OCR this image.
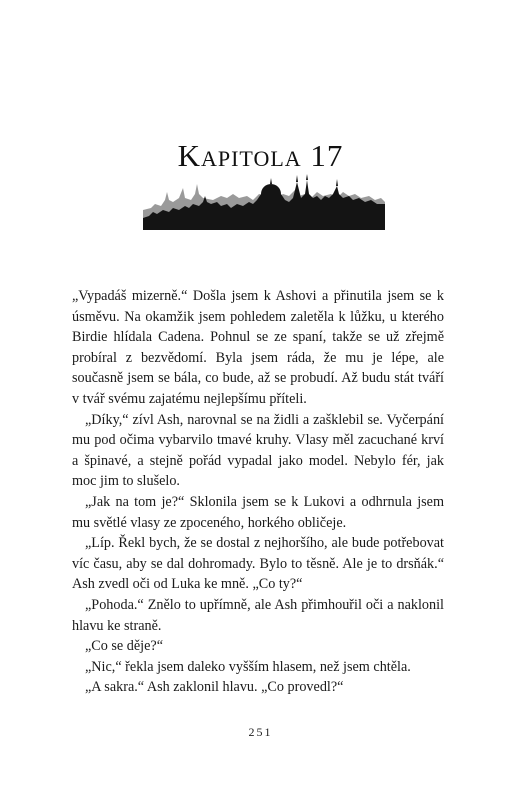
Kapitola 17

„Vypadáš mizerně.“ Došla jsem k Ashovi a přinutila jsem se k úsměvu. Na okamžik jsem pohledem zaletěla k lůžku, u kterého Birdie hlídala Cadena. Pohnul se ze spaní, takže se už zřejmě probíral z bezvědomí. Byla jsem ráda, že mu je lépe, ale současně jsem se bála, co bude, až se probudí. Až budu stát tváří v tvář svému zajatému nejlepšímu příteli.

„Díky,“ zívl Ash, narovnal se na židli a zašklebil se. Vyčerpání mu pod očima vybarvilo tmavé kruhy. Vlasy měl zacuchané krví a špinavé, a stejně pořád vypadal jako model. Nebylo fér, jak moc jim to slušelo.

„Jak na tom je?“ Sklonila jsem se k Lukovi a odhrnula jsem mu světlé vlasy ze zpoceného, horkého obličeje.

„Líp. Řekl bych, že se dostal z nejhoršího, ale bude potřebovat víc času, aby se dal dohromady. Bylo to těsně. Ale je to drsňák.“ Ash zvedl oči od Luka ke mně. „Co ty?“

„Pohoda.“ Znělo to upřímně, ale Ash přimhouřil oči a naklonil hlavu ke straně.

„Co se děje?“

„Nic,“ řekla jsem daleko vyšším hlasem, než jsem chtěla.

„A sakra.“ Ash zaklonil hlavu. „Co provedl?“

251
